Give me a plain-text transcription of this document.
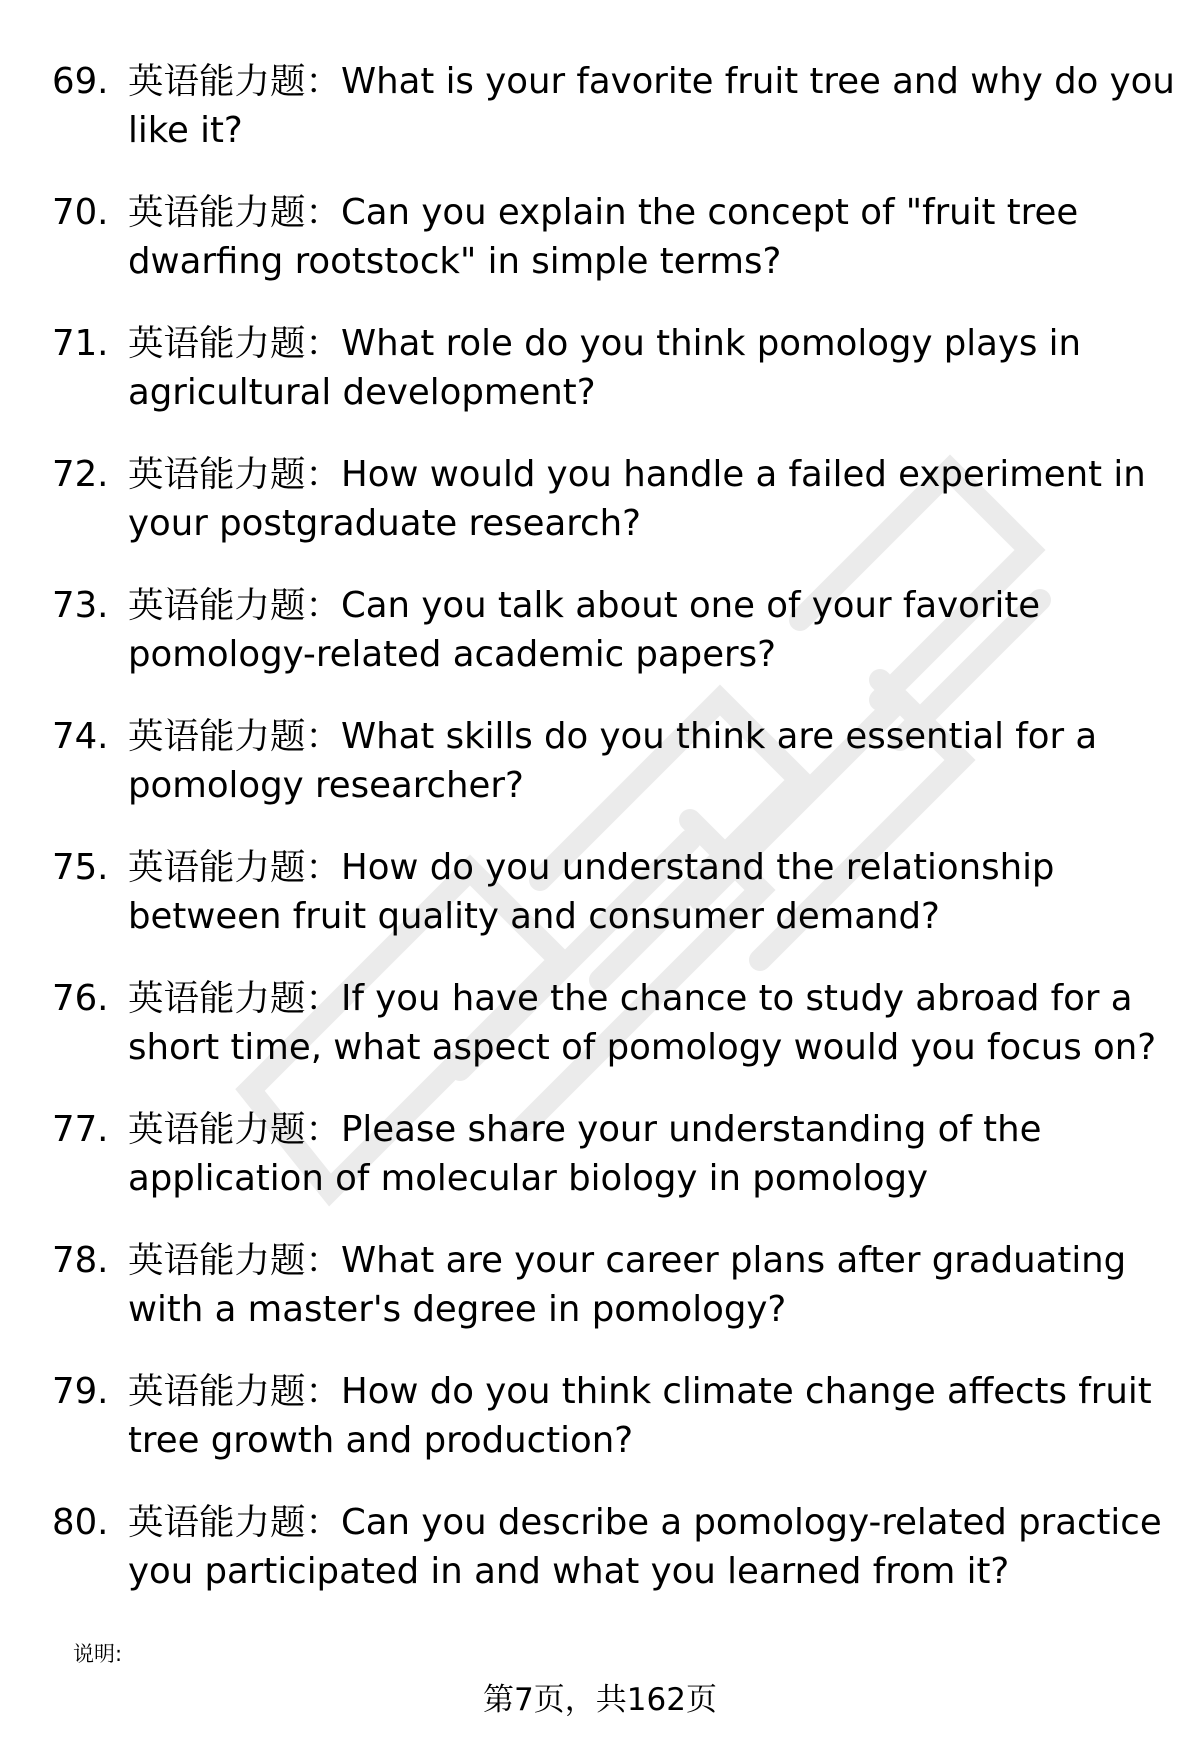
69. 英语能力题：What is your favorite fruit tree and why do you
like it?
70. 英语能力题：Can you explain the concept of "fruit tree
dwarfing rootstock" in simple terms?
71. 英语能力题：What role do you think pomology plays in
agricultural development?
72. 英语能力题：How would you handle a failed experiment in
your postgraduate research?
73. 英语能力题：Can you talk about one of your favorite
pomology-related academic papers?
74. 英语能力题：What skills do you think are essential for a
pomology researcher?
75. 英语能力题：How do you understand the relationship
between fruit quality and consumer demand?
76. 英语能力题：If you have the chance to study abroad for a
short time, what aspect of pomology would you focus on?
77. 英语能力题：Please share your understanding of the
application of molecular biology in pomology
78. 英语能力题：What are your career plans after graduating
with a master's degree in pomology?
79. 英语能力题：How do you think climate change affects fruit
tree growth and production?
80. 英语能力题：Can you describe a pomology-related practice
you participated in and what you learned from it?
说明:
第7页，共162页
